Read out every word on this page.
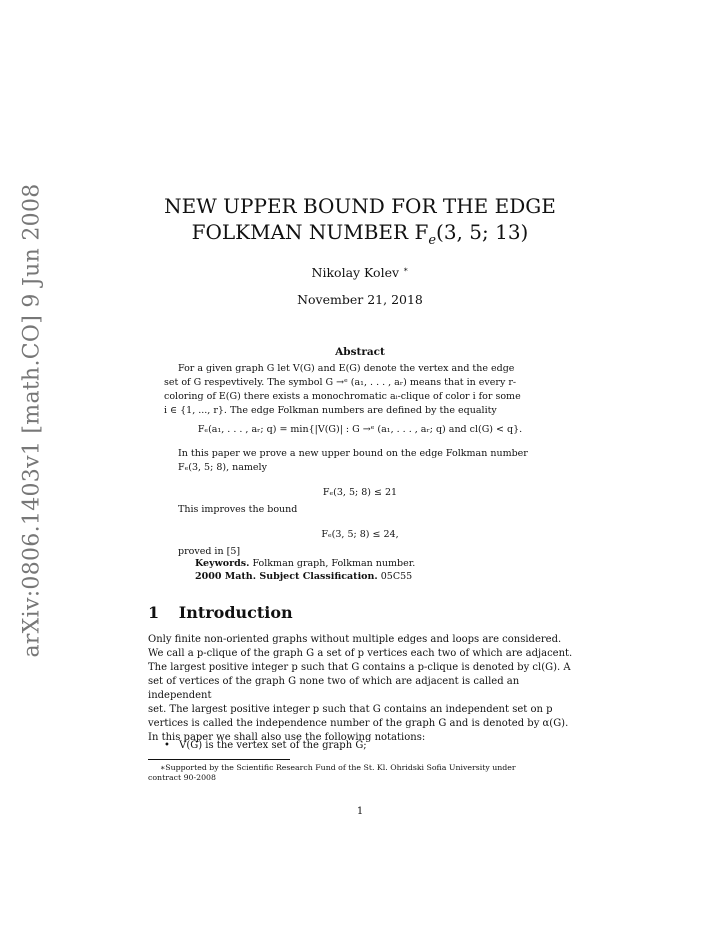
arXiv:0806.1403v1 [math.CO] 9 Jun 2008	NEW UPPER BOUND FOR THE EDGE
FOLKMAN NUMBER $F_e(3$, 5; 13)
Nikolay Kolev ∗
November 21, 2018
Abstract
For a given graph G let V(G) and E(G) denote the vertex and the edge
set of G respevtively. The symbol G →ᵉ (a₁, . . . , aᵣ) means that in every r-
coloring of E(G) there exists a monochromatic aᵢ-clique of color i for some
i ∈ {1, ..., r}. The edge Folkman numbers are defined by the equality
Fₑ(a₁, . . . , aᵣ; q) = min{|V(G)| : G →ᵉ (a₁, . . . , aᵣ; q) and cl(G) < q}.
In this paper we prove a new upper bound on the edge Folkman number
Fₑ(3, 5; 8), namely
Fₑ(3, 5; 8) ≤ 21
This improves the bound
Fₑ(3, 5; 8) ≤ 24,
proved in [5]
Keywords. Folkman graph, Folkman number.
2000 Math. Subject Classification. 05C55
1 Introduction
Only finite non-oriented graphs without multiple edges and loops are considered.
We call a p-clique of the graph G a set of p vertices each two of which are adjacent.
The largest positive integer p such that G contains a p-clique is denoted by cl(G). A
set of vertices of the graph G none two of which are adjacent is called an independent
set. The largest positive integer p such that G contains an independent set on p
vertices is called the independence number of the graph G and is denoted by α(G).
In this paper we shall also use the following notations:
• V(G) is the vertex set of the graph G;
∗Supported by the Scientific Research Fund of the St. Kl. Ohridski Sofia University under
contract 90-2008
1
